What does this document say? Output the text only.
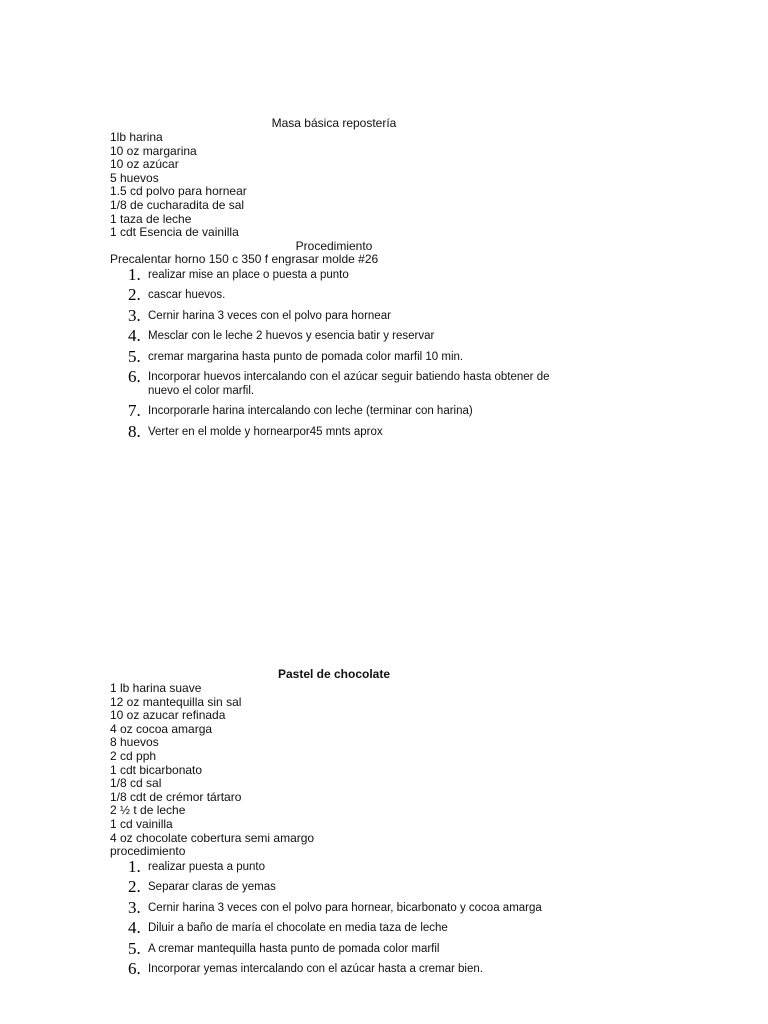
Masa básica repostería
1lb harina
10 oz margarina
10 oz azúcar
5 huevos
1.5 cd polvo para hornear
1/8 de cucharadita de sal
1 taza de leche
1 cdt Esencia de vainilla
Procedimiento
Precalentar horno 150 c 350 f engrasar molde #26
1. realizar mise an place o puesta a punto
2. cascar huevos.
3. Cernir harina 3 veces con el polvo para hornear
4. Mesclar con le leche 2 huevos y esencia batir y reservar
5. cremar margarina hasta punto de pomada color marfil 10 min.
6. Incorporar huevos intercalando con el azúcar seguir batiendo hasta obtener de nuevo el color marfil.
7. Incorporarle harina intercalando con leche (terminar con harina)
8. Verter en el molde y hornearpor45 mnts aprox
Pastel de chocolate
1 lb harina suave
12 oz mantequilla sin sal
10 oz azucar refinada
4 oz cocoa amarga
8 huevos
2 cd pph
1 cdt bicarbonato
1/8 cd sal
1/8 cdt de crémor tártaro
2 ½ t de leche
1 cd vainilla
4 oz chocolate cobertura semi amargo
procedimiento
1. realizar puesta a punto
2. Separar claras de yemas
3. Cernir harina 3 veces con el polvo para hornear, bicarbonato y cocoa amarga
4. Diluir a baño de maría el chocolate en media taza de leche
5. A cremar mantequilla hasta punto de pomada color marfil
6. Incorporar yemas intercalando con el azúcar hasta a cremar bien.
